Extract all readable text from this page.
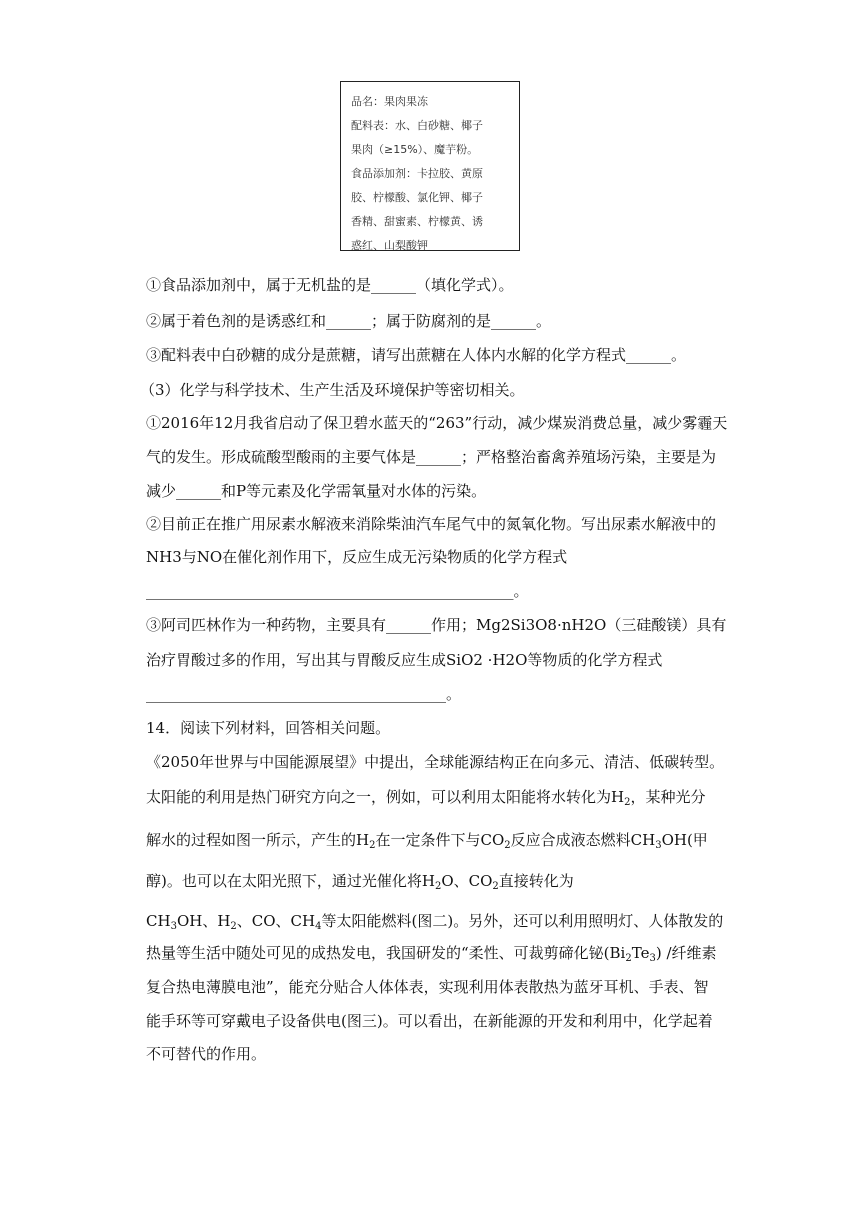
品名：果肉果冻
配料表：水、白砂糖、椰子
果肉（≥15%）、魔芋粉。
食品添加剂：卡拉胶、黄原
胶、柠檬酸、氯化钾、椰子
香精、甜蜜素、柠檬黄、诱
惑红、山梨酸钾
①食品添加剂中，属于无机盐的是______（填化学式）。
②属于着色剂的是诱惑红和______；属于防腐剂的是______。
③配料表中白砂糖的成分是蔗糖，请写出蔗糖在人体内水解的化学方程式______。
（3）化学与科学技术、生产生活及环境保护等密切相关。
①2016年12月我省启动了保卫碧水蓝天的“263”行动，减少煤炭消费总量，减少雾霾天
气的发生。形成硫酸型酸雨的主要气体是______；严格整治畜禽养殖场污染，主要是为
减少______和P等元素及化学需氧量对水体的污染。
②目前正在推广用尿素水解液来消除柴油汽车尾气中的氮氧化物。写出尿素水解液中的
NH3与NO在催化剂作用下，反应生成无污染物质的化学方程式
_________________________________________________。
③阿司匹林作为一种药物，主要具有______作用；Mg2Si3O8·nH2O（三硅酸镁）具有
治疗胃酸过多的作用，写出其与胃酸反应生成SiO2 ·H2O等物质的化学方程式
________________________________________。
14．阅读下列材料，回答相关问题。
《2050年世界与中国能源展望》中提出，全球能源结构正在向多元、清洁、低碳转型。
太阳能的利用是热门研究方向之一，例如，可以利用太阳能将水转化为$H_2$，某种光分
解水的过程如图一所示，产生的$H_2$在一定条件下与$CO_2$反应合成液态燃料$CH_3OH$(甲
醇)。也可以在太阳光照下，通过光催化将$H_2O$、$CO_2$直接转化为
$CH_3OH$、$H_2$、CO、$CH_4$等太阳能燃料(图二)。另外，还可以利用照明灯、人体散发的
热量等生活中随处可见的成热发电，我国研发的“柔性、可裁剪碲化铋$(Bi_2Te_3)$ /纤维素
复合热电薄膜电池”，能充分贴合人体体表，实现利用体表散热为蓝牙耳机、手表、智
能手环等可穿戴电子设备供电(图三)。可以看出，在新能源的开发和利用中，化学起着
不可替代的作用。
